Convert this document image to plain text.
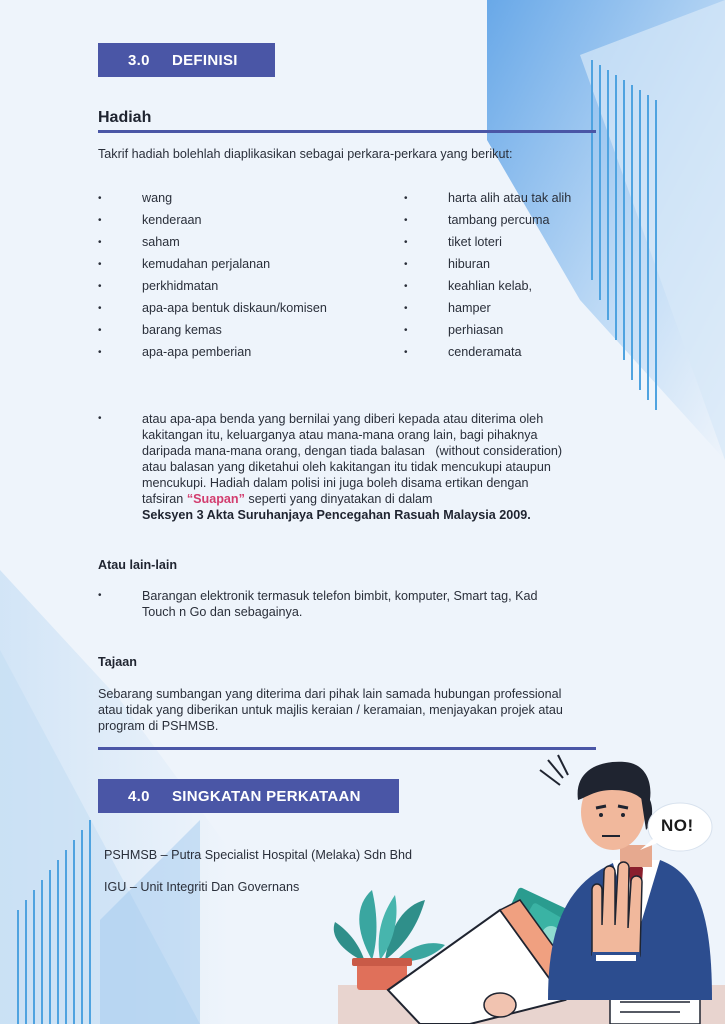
3.0	DEFINISI
Hadiah
Takrif hadiah bolehlah diaplikasikan sebagai perkara-perkara yang berikut:
•	wang
•	kenderaan
•	saham
•	kemudahan perjalanan
•	perkhidmatan
•	apa-apa bentuk diskaun/komisen
•	barang kemas
•	apa-apa pemberian
•	harta alih atau tak alih
•	tambang percuma
•	tiket loteri
•	hiburan
•	keahlian kelab,
•	hamper
•	perhiasan
•	cenderamata
•	atau apa-apa benda yang bernilai yang diberi kepada atau diterima oleh
kakitangan itu, keluarganya atau mana-mana orang lain, bagi pihaknya
daripada mana-mana orang, dengan tiada balasan   (without consideration)
atau balasan yang diketahui oleh kakitangan itu tidak mencukupi ataupun
mencukupi. Hadiah dalam polisi ini juga boleh disama ertikan dengan
tafsiran “Suapan” seperti yang dinyatakan di dalam
Seksyen 3 Akta Suruhanjaya Pencegahan Rasuah Malaysia 2009.
Atau lain-lain
•	Barangan elektronik termasuk telefon bimbit, komputer, Smart tag, Kad
Touch n Go dan sebagainya.
Tajaan
Sebarang sumbangan yang diterima dari pihak lain samada hubungan professional
atau tidak yang diberikan untuk majlis keraian / keramaian, menjayakan projek atau
program di PSHMSB.
4.0	SINGKATAN PERKATAAN
PSHMSB – Putra Specialist Hospital (Melaka) Sdn Bhd
IGU – Unit Integriti Dan Governans
NO!
